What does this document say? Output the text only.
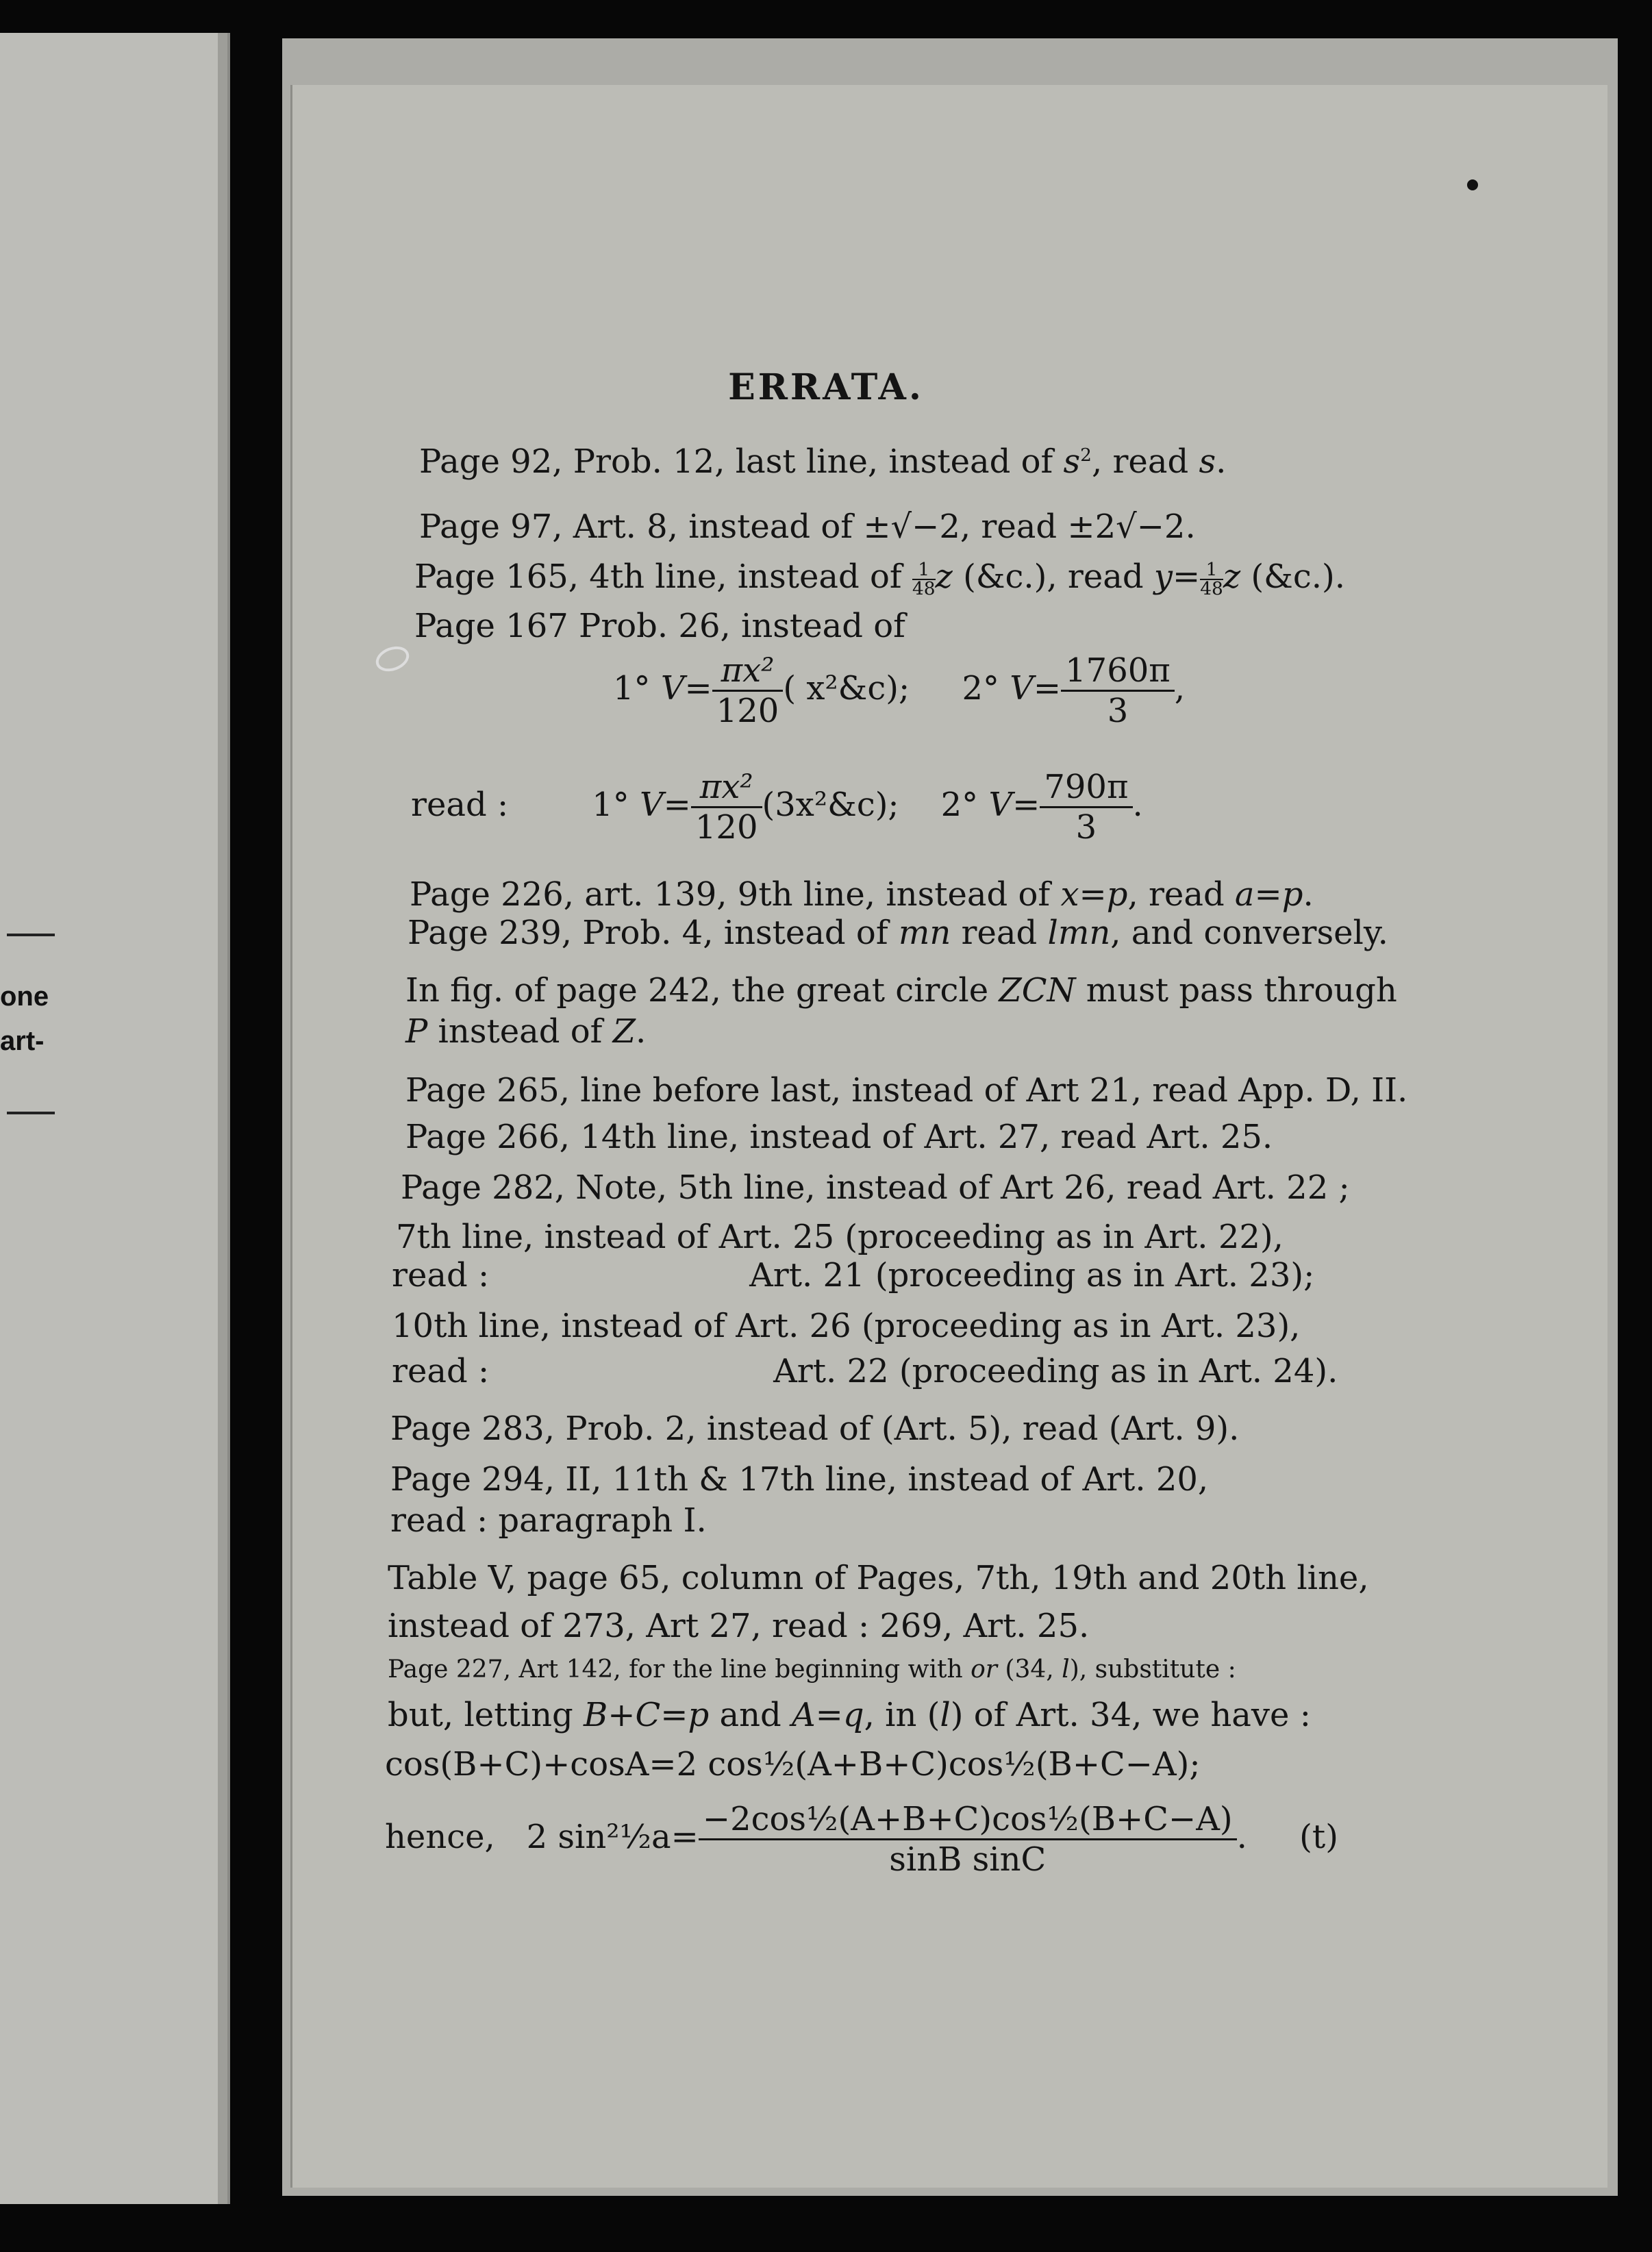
one
art-
ERRATA.
Page 92, Prob. 12, last line, instead of $s^2$, read s.
Page 97, Art. 8, instead of ±√−2, read ±2√−2.
Page 165, 4th line, instead of $\frac{1}{48}$ z (&c.), read $y= \frac{1}{48}$ z (&c.).
Page 167 Prob. 26, instead of
1° $V= \frac{\text{πx²}}{120}$ ( x²&c); 2° $V= \frac{1760\pi}{3}$ ,
read :	1° $V= \frac{\text{πx²}}{120}$ (3x²&c); 2° $V= \frac{790\pi}{3}$ .
Page 226, art. 139, 9th line, instead of x=p, read a=p.
Page 239, Prob. 4, instead of mn read lmn, and conversely.
In fig. of page 242, the great circle ZCN must pass through
P instead of Z.
Page 265, line before last, instead of Art 21, read App. D, II.
Page 266, 14th line, instead of Art. 27, read Art. 25.
Page 282, Note, 5th line, instead of Art 26, read Art. 22 ;
7th line, instead of Art. 25 (proceeding as in Art. 22),
read :	Art. 21 (proceeding as in Art. 23);
10th line, instead of Art. 26 (proceeding as in Art. 23),
read :	Art. 22 (proceeding as in Art. 24).
Page 283, Prob. 2, instead of (Art. 5), read (Art. 9).
Page 294, II, 11th & 17th line, instead of Art. 20,
read : paragraph I.
Table V, page 65, column of Pages, 7th, 19th and 20th line,
instead of 273, Art 27, read : 269, Art. 25.
Page 227, Art 142, for the line beginning with or (34, l), substitute :
but, letting B+C=p and A=q, in (l) of Art. 34, we have :
cos(B+C)+cosA=2 cos½(A+B+C)cos½(B+C−A);
hence, 2 sin²½a= $\frac{\text{−2cos½(A+B+C)cos½(B+C−A)}}{\text{sinB sinC}}$ . (t)
